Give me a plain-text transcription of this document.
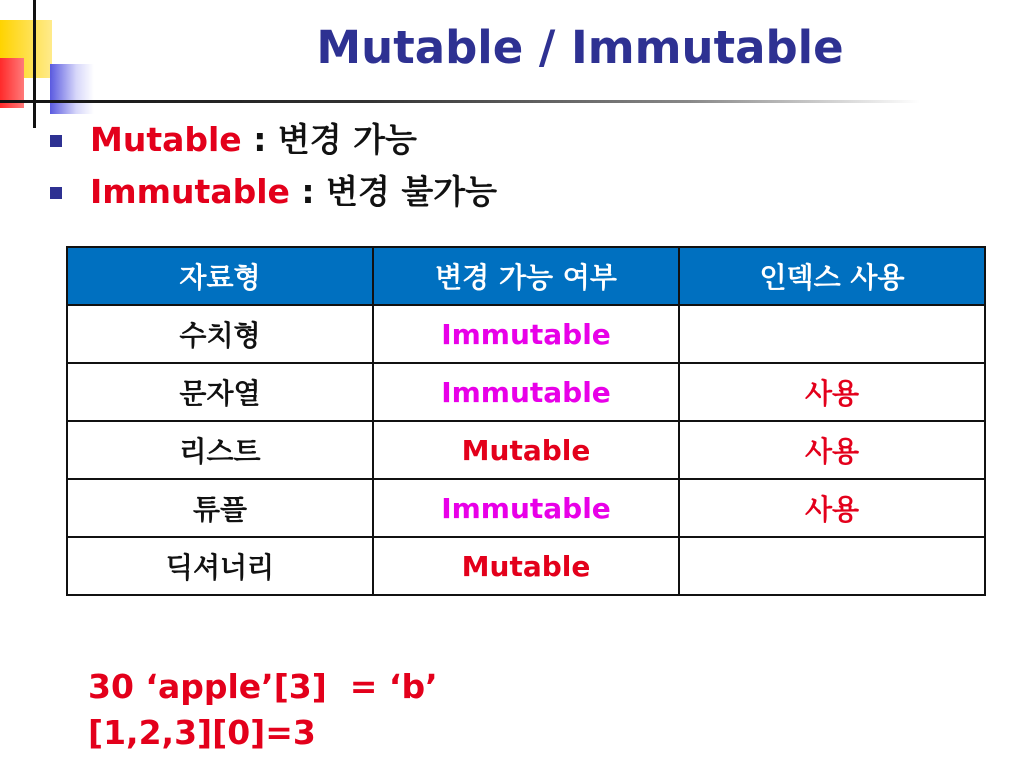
Mutable / Immutable
Mutable : 변경 가능
Immutable : 변경 불가능
자료형	변경 가능 여부	인덱스 사용
수치형	Immutable	
문자열	Immutable	사용
리스트	Mutable	사용
튜플	Immutable	사용
딕셔너리	Mutable	
30 ‘apple’[3]  = ‘b’
[1,2,3][0]=3
